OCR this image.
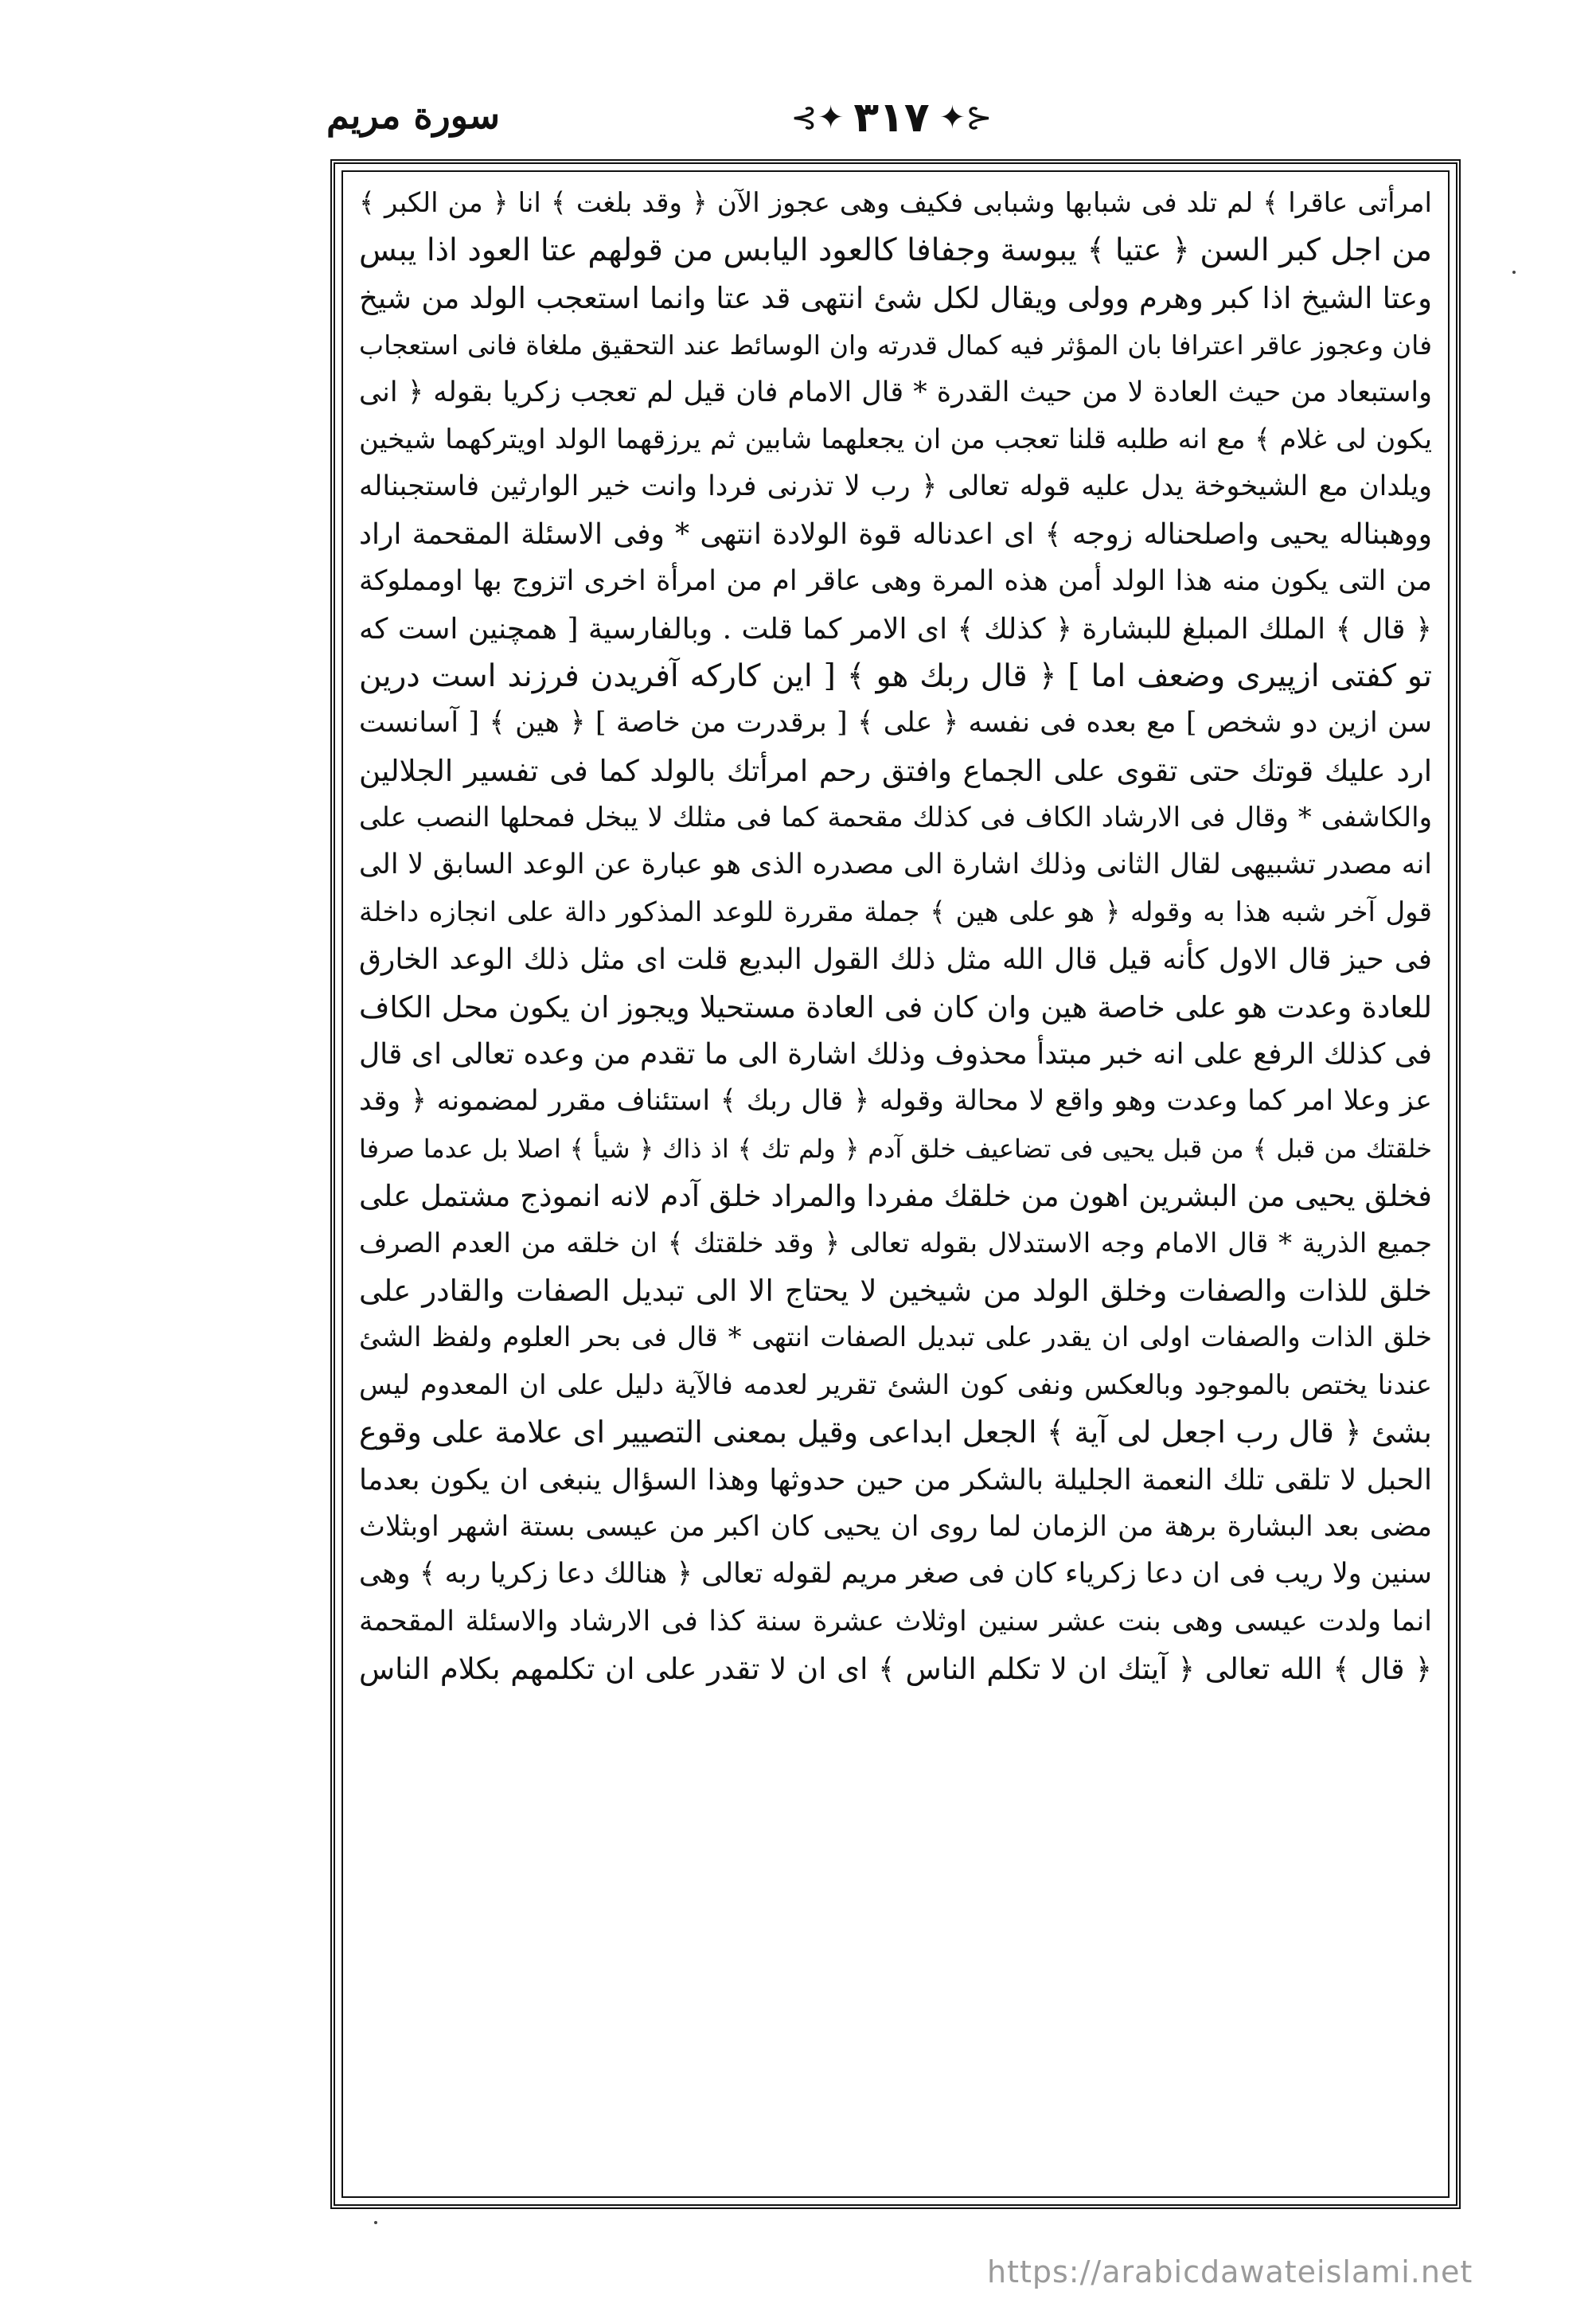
سورة مريم	⊰✦ ٣١٧ ✦⊱
امرأتى عاقرا ﴾ لم تلد فى شبابها وشبابى فكيف وهى عجوز الآن ﴿ وقد بلغت ﴾ انا ﴿ من الكبر ﴾
من اجل كبر السن ﴿ عتيا ﴾ يبوسة وجفافا كالعود اليابس من قولهم عتا العود اذا يبس
وعتا الشيخ اذا كبر وهرم وولى ويقال لكل شئ انتهى قد عتا وانما استعجب الولد من شيخ
فان وعجوز عاقر اعترافا بان المؤثر فيه كمال قدرته وان الوسائط عند التحقيق ملغاة فانى استعجاب
واستبعاد من حيث العادة لا من حيث القدرة * قال الامام فان قيل لم تعجب زكريا بقوله ﴿ انى
يكون لى غلام ﴾ مع انه طلبه قلنا تعجب من ان يجعلهما شابين ثم يرزقهما الولد اويتركهما شيخين
ويلدان مع الشيخوخة يدل عليه قوله تعالى ﴿ رب لا تذرنى فردا وانت خير الوارثين فاستجبناله
ووهبناله يحيى واصلحناله زوجه ﴾ اى اعدناله قوة الولادة انتهى * وفى الاسئلة المقحمة اراد
من التى يكون منه هذا الولد أمن هذه المرة وهى عاقر ام من امرأة اخرى اتزوج بها اومملوكة
﴿ قال ﴾ الملك المبلغ للبشارة ﴿ كذلك ﴾ اى الامر كما قلت . وبالفارسية [ همچنين است كه
تو كفتى ازپيرى وضعف اما ] ﴿ قال ربك هو ﴾ [ اين كاركه آفريدن فرزند است درين
سن ازين دو شخص ] مع بعده فى نفسه ﴿ على ﴾ [ برقدرت من خاصة ] ﴿ هين ﴾ [ آسانست
ارد عليك قوتك حتى تقوى على الجماع وافتق رحم امرأتك بالولد كما فى تفسير الجلالين
والكاشفى * وقال فى الارشاد الكاف فى كذلك مقحمة كما فى مثلك لا يبخل فمحلها النصب على
انه مصدر تشبيهى لقال الثانى وذلك اشارة الى مصدره الذى هو عبارة عن الوعد السابق لا الى
قول آخر شبه هذا به وقوله ﴿ هو على هين ﴾ جملة مقررة للوعد المذكور دالة على انجازه داخلة
فى حيز قال الاول كأنه قيل قال الله مثل ذلك القول البديع قلت اى مثل ذلك الوعد الخارق
للعادة وعدت هو على خاصة هين وان كان فى العادة مستحيلا ويجوز ان يكون محل الكاف
فى كذلك الرفع على انه خبر مبتدأ محذوف وذلك اشارة الى ما تقدم من وعده تعالى اى قال
عز وعلا امر كما وعدت وهو واقع لا محالة وقوله ﴿ قال ربك ﴾ استئناف مقرر لمضمونه ﴿ وقد
خلقتك من قبل ﴾ من قبل يحيى فى تضاعيف خلق آدم ﴿ ولم تك ﴾ اذ ذاك ﴿ شيأ ﴾ اصلا بل عدما صرفا
فخلق يحيى من البشرين اهون من خلقك مفردا والمراد خلق آدم لانه انموذج مشتمل على
جميع الذرية * قال الامام وجه الاستدلال بقوله تعالى ﴿ وقد خلقتك ﴾ ان خلقه من العدم الصرف
خلق للذات والصفات وخلق الولد من شيخين لا يحتاج الا الى تبديل الصفات والقادر على
خلق الذات والصفات اولى ان يقدر على تبديل الصفات انتهى * قال فى بحر العلوم ولفظ الشئ
عندنا يختص بالموجود وبالعكس ونفى كون الشئ تقرير لعدمه فالآية دليل على ان المعدوم ليس
بشئ ﴿ قال رب اجعل لى آية ﴾ الجعل ابداعى وقيل بمعنى التصيير اى علامة على وقوع
الحبل لا تلقى تلك النعمة الجليلة بالشكر من حين حدوثها وهذا السؤال ينبغى ان يكون بعدما
مضى بعد البشارة برهة من الزمان لما روى ان يحيى كان اكبر من عيسى بستة اشهر اوبثلاث
سنين ولا ريب فى ان دعا زكرياء كان فى صغر مريم لقوله تعالى ﴿ هنالك دعا زكريا ربه ﴾ وهى
انما ولدت عيسى وهى بنت عشر سنين اوثلاث عشرة سنة كذا فى الارشاد والاسئلة المقحمة
﴿ قال ﴾ الله تعالى ﴿ آيتك ان لا تكلم الناس ﴾ اى ان لا تقدر على ان تكلمهم بكلام الناس
https://arabicdawateislami.net
